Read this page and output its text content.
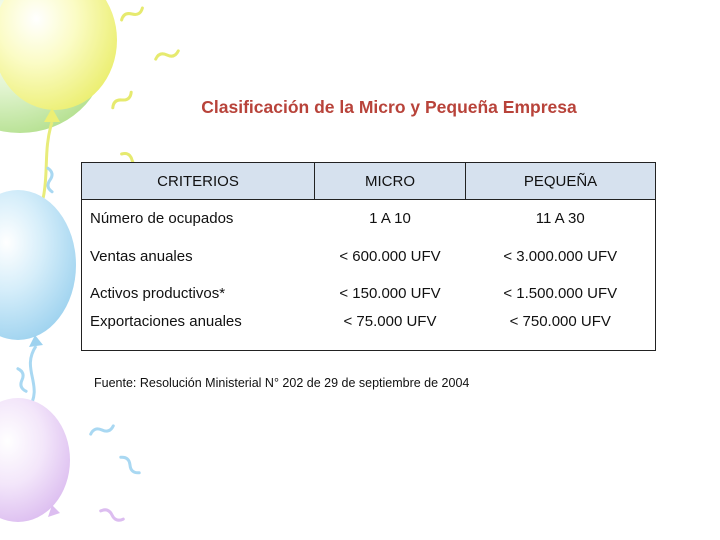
Clasificación de la Micro y Pequeña Empresa
CRITERIOS	MICRO	PEQUEÑA
Número de ocupados	1 A 10	11 A 30
Ventas anuales	< 600.000 UFV	< 3.000.000 UFV
Activos productivos*	< 150.000 UFV	< 1.500.000 UFV
Exportaciones anuales	< 75.000 UFV	< 750.000 UFV
Fuente: Resolución Ministerial N° 202 de 29 de septiembre de 2004
